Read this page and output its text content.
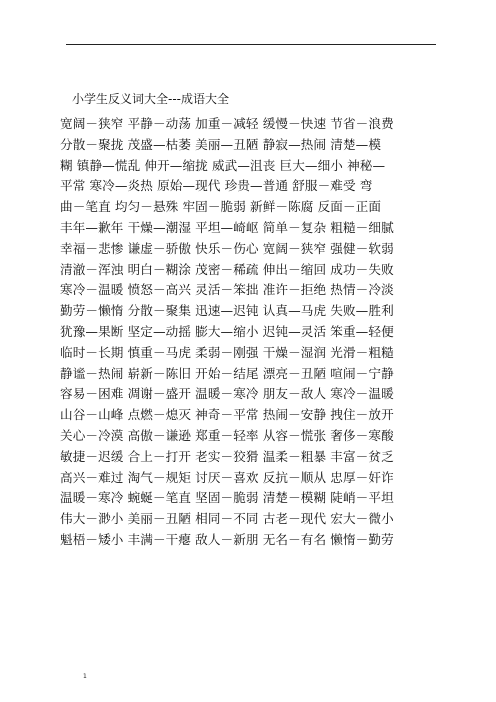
小学生反义词大全---成语大全
宽阔－狭窄 平静－动荡 加重－减轻 缓慢－快速 节省－浪费
分散－聚拢 茂盛—枯萎 美丽—丑陋 静寂—热闹 清楚—模
糊 镇静—慌乱 伸开—缩拢 威武—沮丧 巨大—细小 神秘—
平常 寒冷—炎热 原始—现代 珍贵—普通 舒服－难受 弯
曲－笔直 均匀－悬殊 牢固－脆弱 新鲜－陈腐 反面－正面
丰年—歉年 干燥—潮湿 平坦—崎岖 简单－复杂 粗糙－细腻
幸福－悲惨 谦虚－骄傲 快乐－伤心 宽阔－狭窄 强健－软弱
清澈－浑浊 明白－糊涂 茂密－稀疏 伸出－缩回 成功－失败
寒冷－温暖 愤怒－高兴 灵活－笨拙 准许－拒绝 热情－冷淡
勤劳－懒惰 分散－聚集 迅速—迟钝 认真—马虎 失败—胜利
犹豫—果断 坚定—动摇 膨大—缩小 迟钝—灵活 笨重—轻便
临时－长期 慎重－马虎 柔弱－刚强 干燥－湿润 光滑－粗糙
静谧－热闹 崭新－陈旧 开始－结尾 漂亮－丑陋 喧闹－宁静
容易－困难 凋谢－盛开 温暖－寒冷 朋友－敌人 寒冷－温暖
山谷－山峰 点燃－熄灭 神奇－平常 热闹－安静 拽住－放开
关心－冷漠 高傲－谦逊 郑重－轻率 从容－慌张 奢侈－寒酸
敏捷－迟缓 合上－打开 老实－狡猾 温柔－粗暴 丰富－贫乏
高兴－难过 淘气－规矩 讨厌－喜欢 反抗－顺从 忠厚－奸诈
温暖－寒冷 蜿蜒－笔直 坚固－脆弱 清楚－模糊 陡峭－平坦
伟大－渺小 美丽－丑陋 相同－不同 古老－现代 宏大－微小
魁梧－矮小 丰满－干瘪 敌人－新朋 无名－有名 懒惰－勤劳
1
